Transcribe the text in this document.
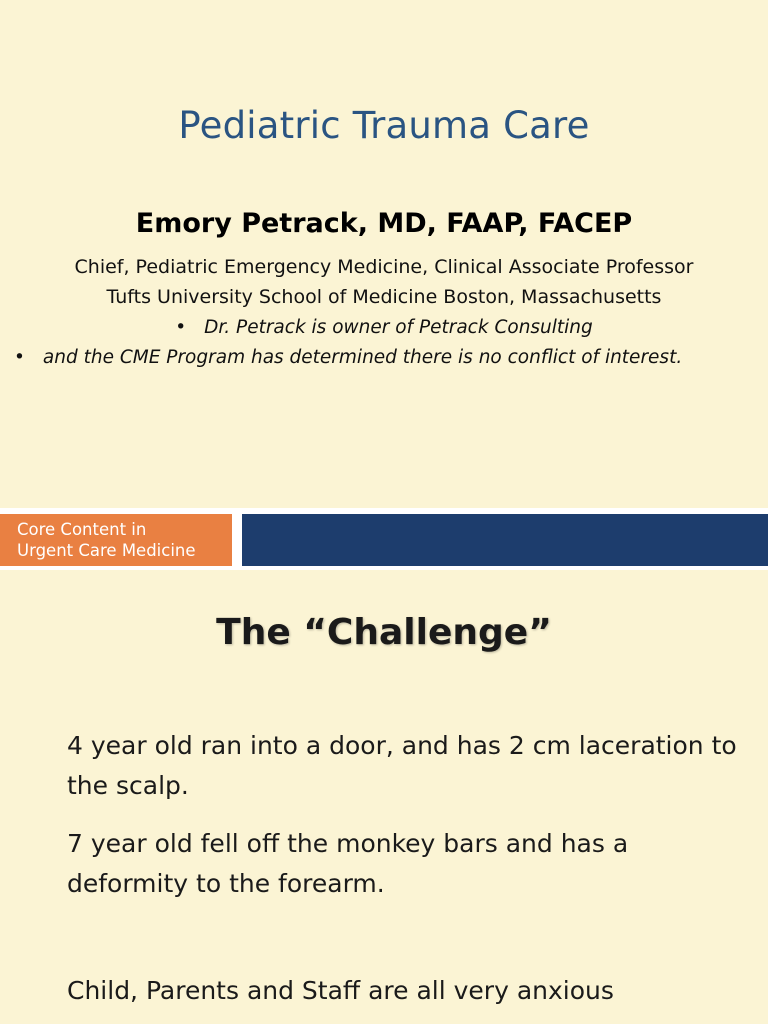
Pediatric Trauma Care
Emory Petrack, MD, FAAP, FACEP
Chief, Pediatric Emergency Medicine, Clinical Associate Professor
Tufts University School of Medicine Boston, Massachusetts
• Dr. Petrack is owner of Petrack Consulting
• and the CME Program has determined there is no conflict of interest.
Core Content in
Urgent Care Medicine
The “Challenge”
4 year old ran into a door, and has 2 cm laceration to the scalp.
7 year old fell off the monkey bars and has a deformity to the forearm.
Child, Parents and Staff are all very anxious
